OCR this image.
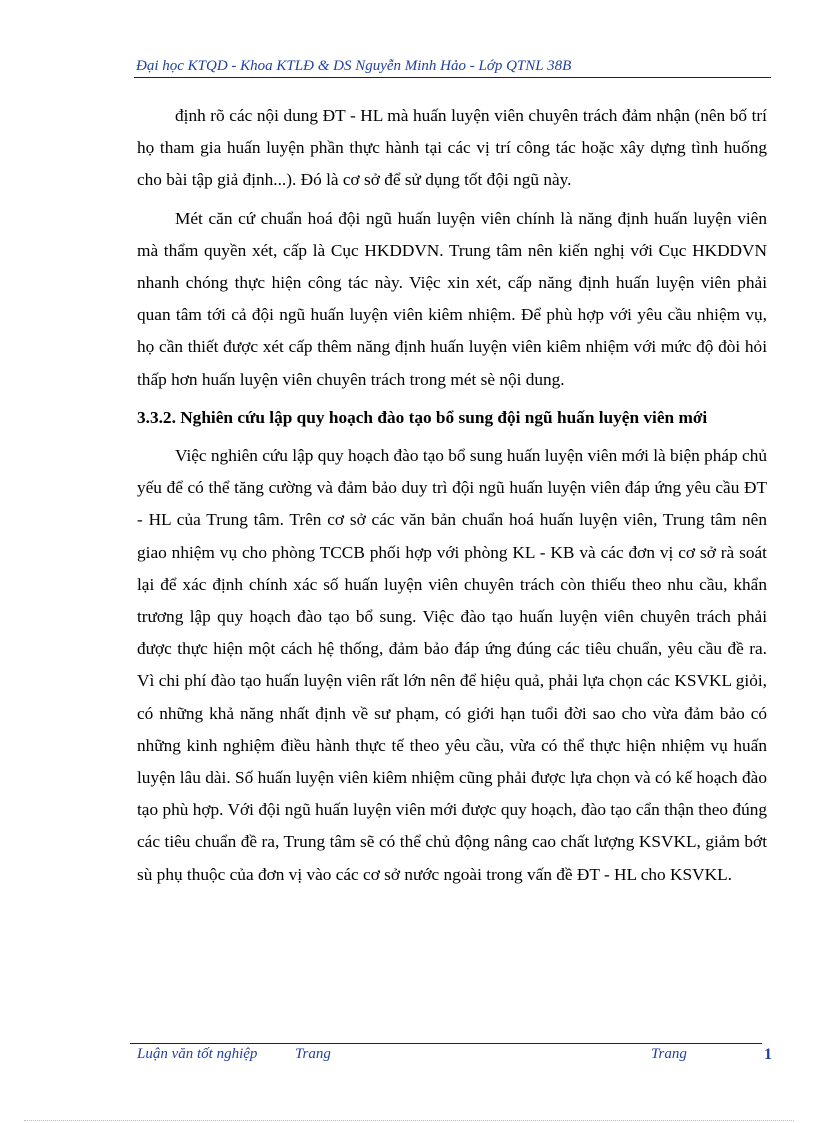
Đại học KTQD - Khoa KTLĐ & DS Nguyễn Minh Hảo - Lớp QTNL 38B

định rõ các nội dung ĐT - HL mà huấn luyện viên chuyên trách đảm nhận (nên bố trí họ tham gia huấn luyện phần thực hành tại các vị trí công tác hoặc xây dựng tình huống cho bài tập giả định...). Đó là cơ sở để sử dụng tốt đội ngũ này.

Mét căn cứ chuẩn hoá đội ngũ huấn luyện viên chính là năng định huấn luyện viên mà thẩm quyền xét, cấp là Cục HKDDVN. Trung tâm nên kiến nghị với Cục HKDDVN nhanh chóng thực hiện công tác này. Việc xin xét, cấp năng định huấn luyện viên phải quan tâm tới cả đội ngũ huấn luyện viên kiêm nhiệm. Để phù hợp với yêu cầu nhiệm vụ, họ cần thiết được xét cấp thêm năng định huấn luyện viên kiêm nhiệm với mức độ đòi hỏi thấp hơn huấn luyện viên chuyên trách trong mét sè nội dung.

3.3.2. Nghiên cứu lập quy hoạch đào tạo bổ sung đội ngũ huấn luyện viên mới

Việc nghiên cứu lập quy hoạch đào tạo bổ sung huấn luyện viên mới là biện pháp chủ yếu để có thể tăng cường và đảm bảo duy trì đội ngũ huấn luyện viên đáp ứng yêu cầu ĐT - HL của Trung tâm. Trên cơ sở các văn bản chuẩn hoá huấn luyện viên, Trung tâm nên giao nhiệm vụ cho phòng TCCB phối hợp với phòng KL - KB và các đơn vị cơ sở rà soát lại để xác định chính xác số huấn luyện viên chuyên trách còn thiếu theo nhu cầu, khẩn trương lập quy hoạch đào tạo bổ sung. Việc đào tạo huấn luyện viên chuyên trách phải được thực hiện một cách hệ thống, đảm bảo đáp ứng đúng các tiêu chuẩn, yêu cầu đề ra. Vì chi phí đào tạo huấn luyện viên rất lớn nên để hiệu quả, phải lựa chọn các KSVKL giỏi, có những khả năng nhất định về sư phạm, có giới hạn tuổi đời sao cho vừa đảm bảo có những kinh nghiệm điều hành thực tế theo yêu cầu, vừa có thể thực hiện nhiệm vụ huấn luyện lâu dài. Số huấn luyện viên kiêm nhiệm cũng phải được lựa chọn và có kế hoạch đào tạo phù hợp. Với đội ngũ huấn luyện viên mới được quy hoạch, đào tạo cẩn thận theo đúng các tiêu chuẩn đề ra, Trung tâm sẽ có thể chủ động nâng cao chất lượng KSVKL, giảm bớt sù phụ thuộc của đơn vị vào các cơ sở nước ngoài trong vấn đề ĐT - HL cho KSVKL.

Luận văn tốt nghiệp	Trang	Trang	1
